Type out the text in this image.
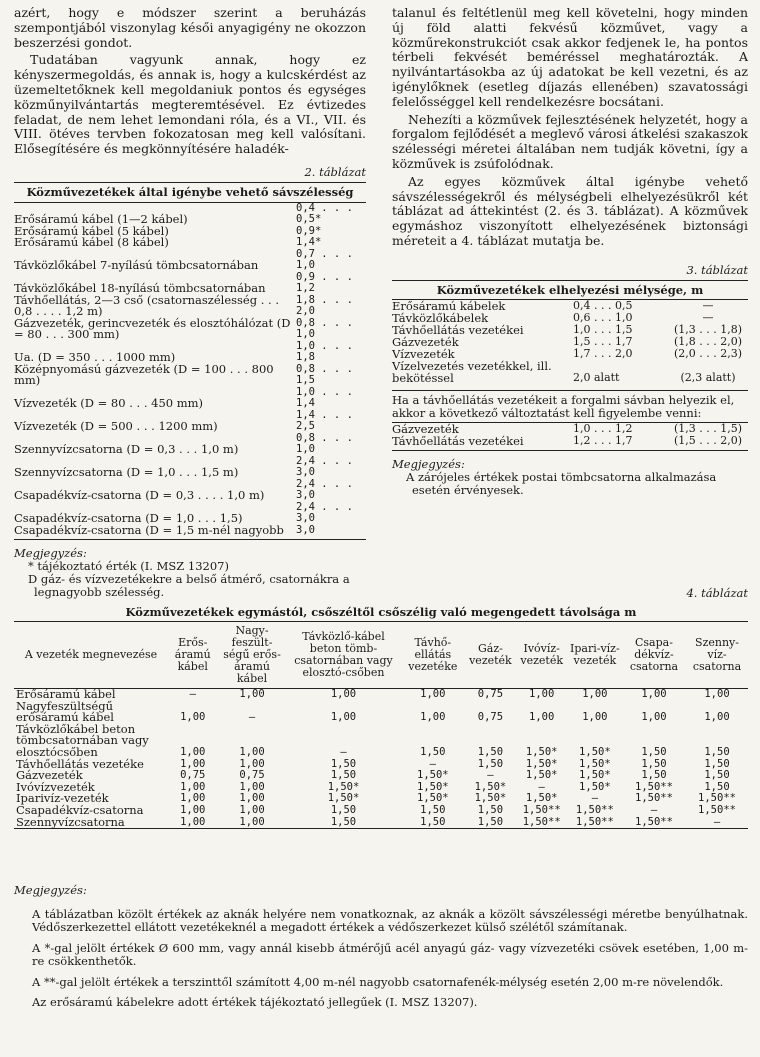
azért, hogy e módszer szerint a beruházás szempontjából viszonylag késői anyagigény ne okozzon beszerzési gondot.

Tudatában vagyunk annak, hogy ez kényszermegoldás, és annak is, hogy a kulcskérdést az üzemeltetőknek kell megoldaniuk pontos és egységes közműnyilvántartás megteremtésével. Ez évtizedes feladat, de nem lehet lemondani róla, és a VI., VII. és VIII. ötéves tervben fokozatosan meg kell valósítani. Elősegítésére és megkönnyítésére haladék-

2. táblázat
Közművezetékek által igénybe vehető sávszélesség
Erősáramú kábel (1—2 kábel)	0,4 . . . 0,5*
Erősáramú kábel (5 kábel)	0,9*
Erősáramú kábel (8 kábel)	1,4*
Távközlőkábel 7-nyílású tömbcsatornában	0,7 . . . 1,0
Távközlőkábel 18-nyílású tömbcsatornában	0,9 . . . 1,2
Távhőellátás, 2—3 cső (csatornaszélesség . . . 0,8 . . . . 1,2 m)	1,8 . . . 2,0
Gázvezeték, gerincvezeték és elosztóhálózat (D = 80 . . . 300 mm)	0,8 . . . 1,0
Ua. (D = 350 . . . 1000 mm)	1,0 . . . 1,8
Középnyomású gázvezeték (D = 100 . . . 800 mm)	0,8 . . . 1,5
Vízvezeték (D = 80 . . . 450 mm)	1,0 . . . 1,4
Vízvezeték (D = 500 . . . 1200 mm)	1,4 . . . 2,5
Szennyvízcsatorna (D = 0,3 . . . 1,0 m)	0,8 . . . 1,0
Szennyvízcsatorna (D = 1,0 . . . 1,5 m)	2,4 . . . 3,0
Csapadékvíz-csatorna (D = 0,3 . . . . 1,0 m)	2,4 . . . 3,0
Csapadékvíz-csatorna (D = 1,0 . . . 1,5)	2,4 . . . 3,0
Csapadékvíz-csatorna (D = 1,5 m-nél nagyobb	3,0
Megjegyzés:
* tájékoztató érték (I. MSZ 13207)
D gáz- és vízvezetékekre a belső átmérő, csatornákra a legnagyobb szélesség.

talanul és feltétlenül meg kell követelni, hogy minden új föld alatti fekvésű közművet, vagy a közműrekonstrukciót csak akkor fedjenek le, ha pontos térbeli fekvését beméréssel meghatározták. A nyilvántartásokba az új adatokat be kell vezetni, és az igénylőknek (esetleg díjazás ellenében) szavatossági felelősséggel kell rendelkezésre bocsátani.

Nehezíti a közművek fejlesztésének helyzetét, hogy a forgalom fejlődését a meglevő városi átkelési szakaszok szélességi méretei általában nem tudják követni, így a közművek is zsúfolódnak.

Az egyes közművek által igénybe vehető sávszélességekről és mélységbeli elhelyezésükről két táblázat ad áttekintést (2. és 3. táblázat). A közművek egymáshoz viszonyított elhelyezésének biztonsági méreteit a 4. táblázat mutatja be.

3. táblázat
Közművezetékek elhelyezési mélysége, m
Erősáramú kábelek	0,4 . . . 0,5	—
Távközlőkábelek	0,6 . . . 1,0	—
Távhőellátás vezetékei	1,0 . . . 1,5	(1,3 . . . 1,8)
Gázvezeték	1,5 . . . 1,7	(1,8 . . . 2,0)
Vízvezeték	1,7 . . . 2,0	(2,0 . . . 2,3)
Vízelvezetés vezetékkel, ill. bekötéssel	2,0 alatt	(2,3 alatt)
Ha a távhőellátás vezetékeit a forgalmi sávban helyezik el, akkor a következő változtatást kell figyelembe venni:
Gázvezeték	1,0 . . . 1,2	(1,3 . . . 1,5)
Távhőellátás vezetékei	1,2 . . . 1,7	(1,5 . . . 2,0)
Megjegyzés:
A zárójeles értékek postai tömbcsatorna alkalmazása esetén érvényesek.
4. táblázat
Közművezetékek egymástól, csőszéltől csőszélig való megengedett távolsága m
A vezeték megnevezése	Erős-áramú kábel	Nagy-feszült-ségű erős-áramú kábel	Távközlő-kábel beton tömb-csatornában vagy elosztó-csőben	Távhő-ellátás vezetéke	Gáz-vezeték	Ivóvíz-vezeték	Ipari-víz-vezeték	Csapa-dékvíz-csatorna	Szenny-víz-csatorna
Erősáramú kábel	—	1,00	1,00	1,00	0,75	1,00	1,00	1,00	1,00
Nagyfeszültségű erősáramú kábel	1,00	—	1,00	1,00	0,75	1,00	1,00	1,00	1,00
Távközlőkábel beton tömbcsatornában vagy elosztócsőben	1,00	1,00	—	1,50	1,50	1,50*	1,50*	1,50	1,50
Távhőellátás vezetéke	1,00	1,00	1,50	—	1,50	1,50*	1,50*	1,50	1,50
Gázvezeték	0,75	0,75	1,50	1,50*	—	1,50*	1,50*	1,50	1,50
Ivóvízvezeték	1,00	1,00	1,50*	1,50*	1,50*	—	1,50*	1,50**	1,50
Iparivíz-vezeték	1,00	1,00	1,50*	1,50*	1,50*	1,50*	—	1,50**	1,50**
Csapadékvíz-csatorna	1,00	1,00	1,50	1,50	1,50	1,50**	1,50**	—	1,50**
Szennyvízcsatorna	1,00	1,00	1,50	1,50	1,50	1,50**	1,50**	1,50**	—
Megjegyzés:

A táblázatban közölt értékek az aknák helyére nem vonatkoznak, az aknák a közölt sávszélességi méretbe benyúlhatnak. Védőszerkezettel ellátott vezetékeknél a megadott értékek a védőszerkezet külső szélétől számítanak.

A *-gal jelölt értékek Ø 600 mm, vagy annál kisebb átmérőjű acél anyagú gáz- vagy vízvezetéki csövek esetében, 1,00 m-re csökkenthetők.

A **-gal jelölt értékek a terszinttől számított 4,00 m-nél nagyobb csatornafenék-mélység esetén 2,00 m-re növelendők.

Az erősáramú kábelekre adott értékek tájékoztató jellegűek (I. MSZ 13207).
